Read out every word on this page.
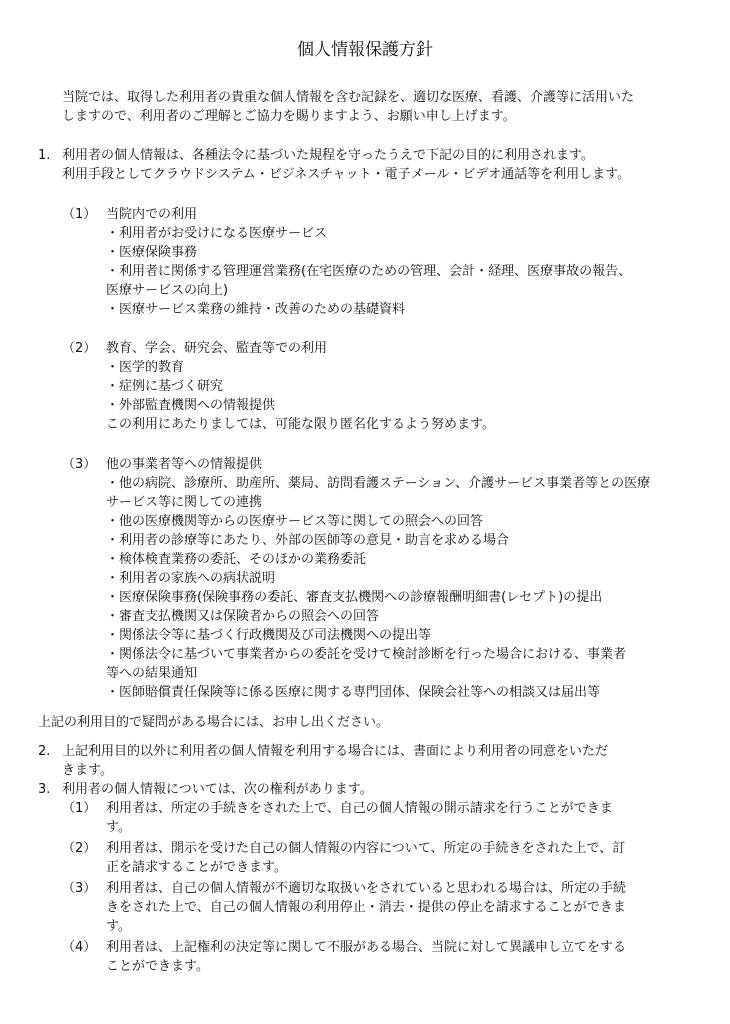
個人情報保護方針
当院では、取得した利用者の貴重な個人情報を含む記録を、適切な医療、看護、介護等に活用いた
しますので、利用者のご理解とご協力を賜りますよう、お願い申し上げます。
1. 利用者の個人情報は、各種法令に基づいた規程を守ったうえで下記の目的に利用されます。
利用手段としてクラウドシステム・ビジネスチャット・電子メール・ビデオ通話等を利用します。
（1） 当院内での利用
・利用者がお受けになる医療サービス
・医療保険事務
・利用者に関係する管理運営業務(在宅医療のための管理、会計・経理、医療事故の報告、
医療サービスの向上)
・医療サービス業務の維持・改善のための基礎資料
（2） 教育、学会、研究会、監査等での利用
・医学的教育
・症例に基づく研究
・外部監査機関への情報提供
この利用にあたりましては、可能な限り匿名化するよう努めます。
（3） 他の事業者等への情報提供
・他の病院、診療所、助産所、薬局、訪問看護ステーション、介護サービス事業者等との医療
サービス等に関しての連携
・他の医療機関等からの医療サービス等に関しての照会への回答
・利用者の診療等にあたり、外部の医師等の意見・助言を求める場合
・検体検査業務の委託、そのほかの業務委託
・利用者の家族への病状説明
・医療保険事務(保険事務の委託、審査支払機関への診療報酬明細書(レセプト)の提出
・審査支払機関又は保険者からの照会への回答
・関係法令等に基づく行政機関及び司法機関への提出等
・関係法令に基づいて事業者からの委託を受けて検討診断を行った場合における、事業者
等への結果通知
・医師賠償責任保険等に係る医療に関する専門団体、保険会社等への相談又は届出等
上記の利用目的で疑問がある場合には、お申し出ください。
2. 上記利用目的以外に利用者の個人情報を利用する場合には、書面により利用者の同意をいただ
きます。
3. 利用者の個人情報については、次の権利があります。
（1） 利用者は、所定の手続きをされた上で、自己の個人情報の開示請求を行うことができま
す。
（2） 利用者は、開示を受けた自己の個人情報の内容について、所定の手続きをされた上で、訂
正を請求することができます。
（3） 利用者は、自己の個人情報が不適切な取扱いをされていると思われる場合は、所定の手続
きをされた上で、自己の個人情報の利用停止・消去・提供の停止を請求することができま
す。
（4） 利用者は、上記権利の決定等に関して不服がある場合、当院に対して異議申し立てをする
ことができます。
